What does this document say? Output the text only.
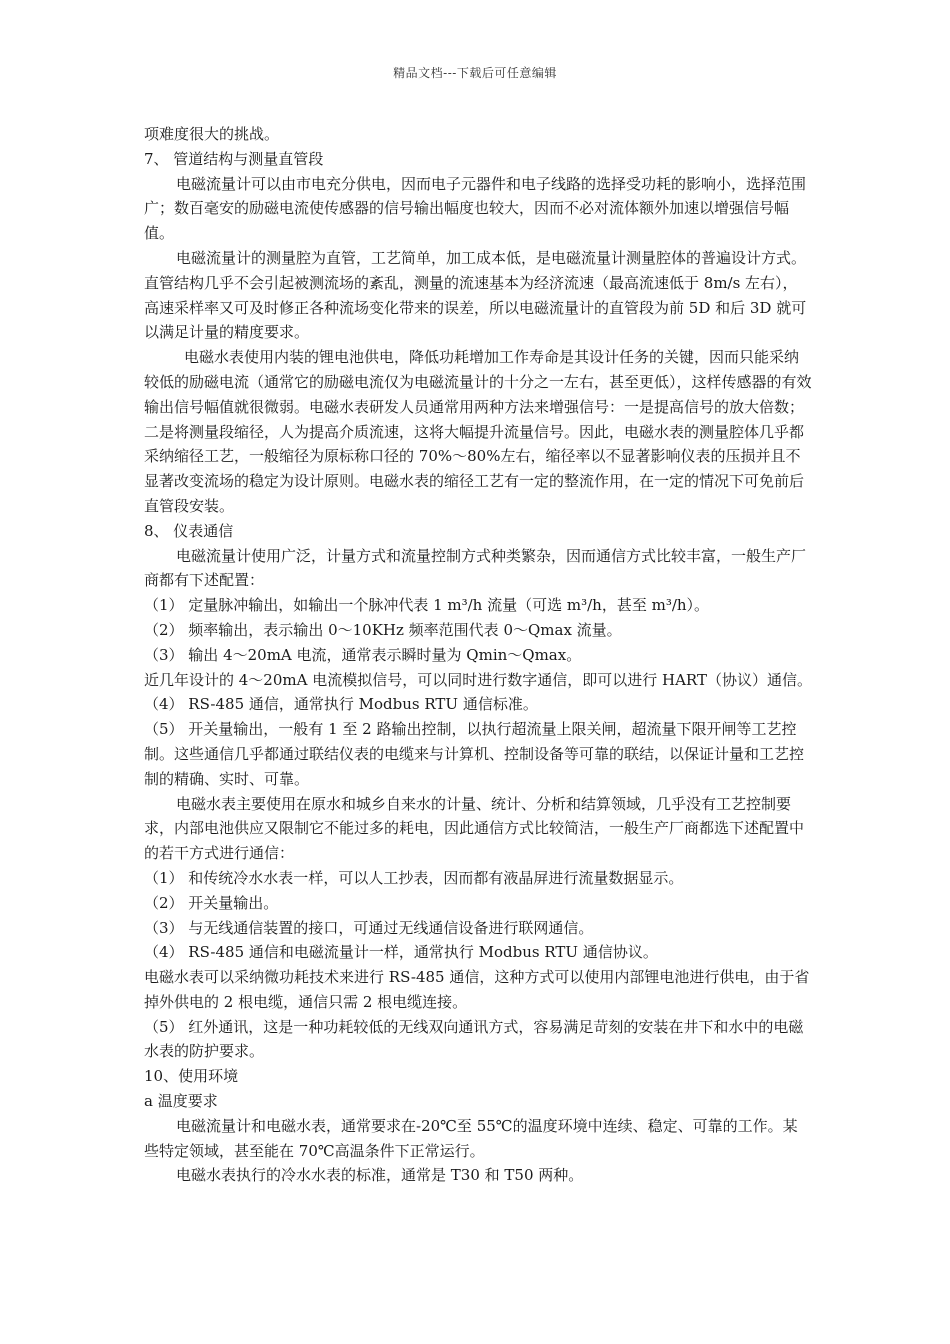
精品文档---下载后可任意编辑

项难度很大的挑战。

7、 管道结构与测量直管段

电磁流量计可以由市电充分供电，因而电子元器件和电子线路的选择受功耗的影响小，选择范围广；数百毫安的励磁电流使传感器的信号输出幅度也较大，因而不必对流体额外加速以增强信号幅值。

电磁流量计的测量腔为直管，工艺简单，加工成本低，是电磁流量计测量腔体的普遍设计方式。直管结构几乎不会引起被测流场的紊乱，测量的流速基本为经济流速（最高流速低于 8m/s 左右），高速采样率又可及时修正各种流场变化带来的误差，所以电磁流量计的直管段为前 5D 和后 3D 就可以满足计量的精度要求。

电磁水表使用内装的锂电池供电，降低功耗增加工作寿命是其设计任务的关键，因而只能采纳较低的励磁电流（通常它的励磁电流仅为电磁流量计的十分之一左右，甚至更低），这样传感器的有效输出信号幅值就很微弱。电磁水表研发人员通常用两种方法来增强信号：一是提高信号的放大倍数；二是将测量段缩径，人为提高介质流速，这将大幅提升流量信号。因此，电磁水表的测量腔体几乎都采纳缩径工艺，一般缩径为原标称口径的 70%～80%左右，缩径率以不显著影响仪表的压损并且不显著改变流场的稳定为设计原则。电磁水表的缩径工艺有一定的整流作用，在一定的情况下可免前后直管段安装。

8、 仪表通信

电磁流量计使用广泛，计量方式和流量控制方式种类繁杂，因而通信方式比较丰富，一般生产厂商都有下述配置：

（1） 定量脉冲输出，如输出一个脉冲代表 1 m³/h 流量（可选 m³/h，甚至 m³/h）。

（2） 频率输出，表示输出 0～10KHz 频率范围代表 0～Qmax 流量。

（3） 输出 4～20mA 电流，通常表示瞬时量为 Qmin～Qmax。

近几年设计的 4～20mA 电流模拟信号，可以同时进行数字通信，即可以进行 HART（协议）通信。

（4） RS-485 通信，通常执行 Modbus RTU 通信标准。

（5） 开关量输出，一般有 1 至 2 路输出控制，以执行超流量上限关闸，超流量下限开闸等工艺控制。这些通信几乎都通过联结仪表的电缆来与计算机、控制设备等可靠的联结，以保证计量和工艺控制的精确、实时、可靠。

电磁水表主要使用在原水和城乡自来水的计量、统计、分析和结算领域，几乎没有工艺控制要求，内部电池供应又限制它不能过多的耗电，因此通信方式比较简洁，一般生产厂商都选下述配置中的若干方式进行通信：

（1） 和传统冷水水表一样，可以人工抄表，因而都有液晶屏进行流量数据显示。

（2） 开关量输出。

（3） 与无线通信装置的接口，可通过无线通信设备进行联网通信。

（4） RS-485 通信和电磁流量计一样，通常执行 Modbus RTU 通信协议。

电磁水表可以采纳微功耗技术来进行 RS-485 通信，这种方式可以使用内部锂电池进行供电，由于省掉外供电的 2 根电缆，通信只需 2 根电缆连接。

（5） 红外通讯，这是一种功耗较低的无线双向通讯方式，容易满足苛刻的安装在井下和水中的电磁水表的防护要求。

10、使用环境

a 温度要求

电磁流量计和电磁水表，通常要求在-20℃至 55℃的温度环境中连续、稳定、可靠的工作。某些特定领域，甚至能在 70℃高温条件下正常运行。

电磁水表执行的冷水水表的标准，通常是 T30 和 T50 两种。
